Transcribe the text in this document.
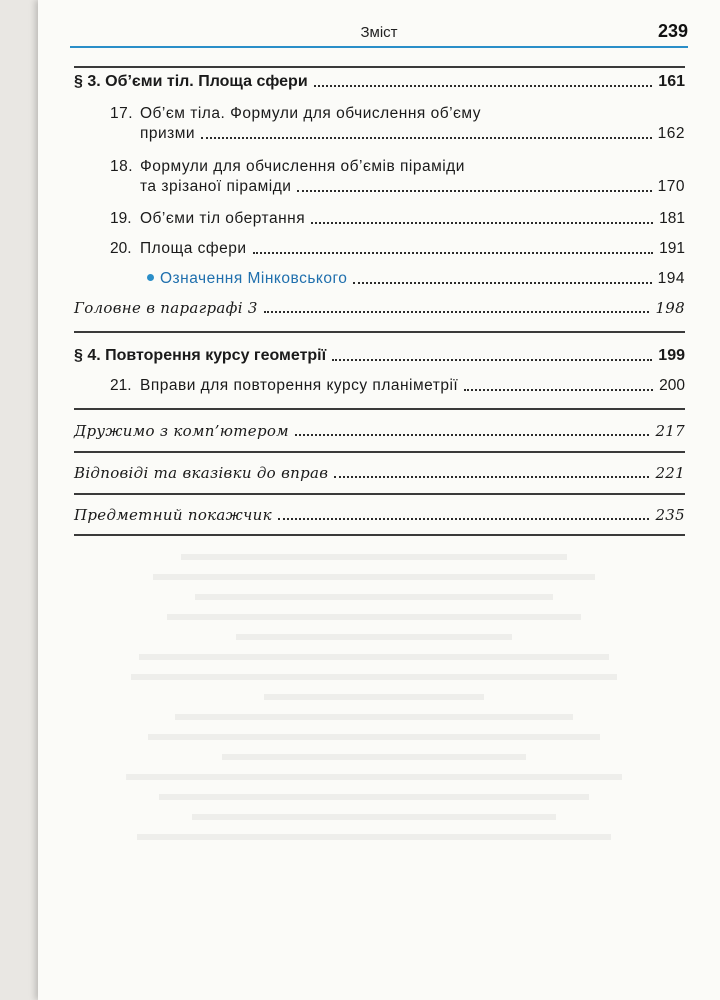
Зміст	239
§ 3. Об’єми тіл. Площа сфери	161
17. Об’єм тіла. Формули для обчислення об’єму
призми	162
18. Формули для обчислення об’ємів піраміди
та зрізаної піраміди	170
19. Об’єми тіл обертання	181
20. Площа сфери	191
Означення Мінковського	194
Головне в параграфі 3	198
§ 4. Повторення курсу геометрії	199
21. Вправи для повторення курсу планіметрії	200
Дружимо з комп’ютером	217
Відповіді та вказівки до вправ	221
Предметний покажчик	235
